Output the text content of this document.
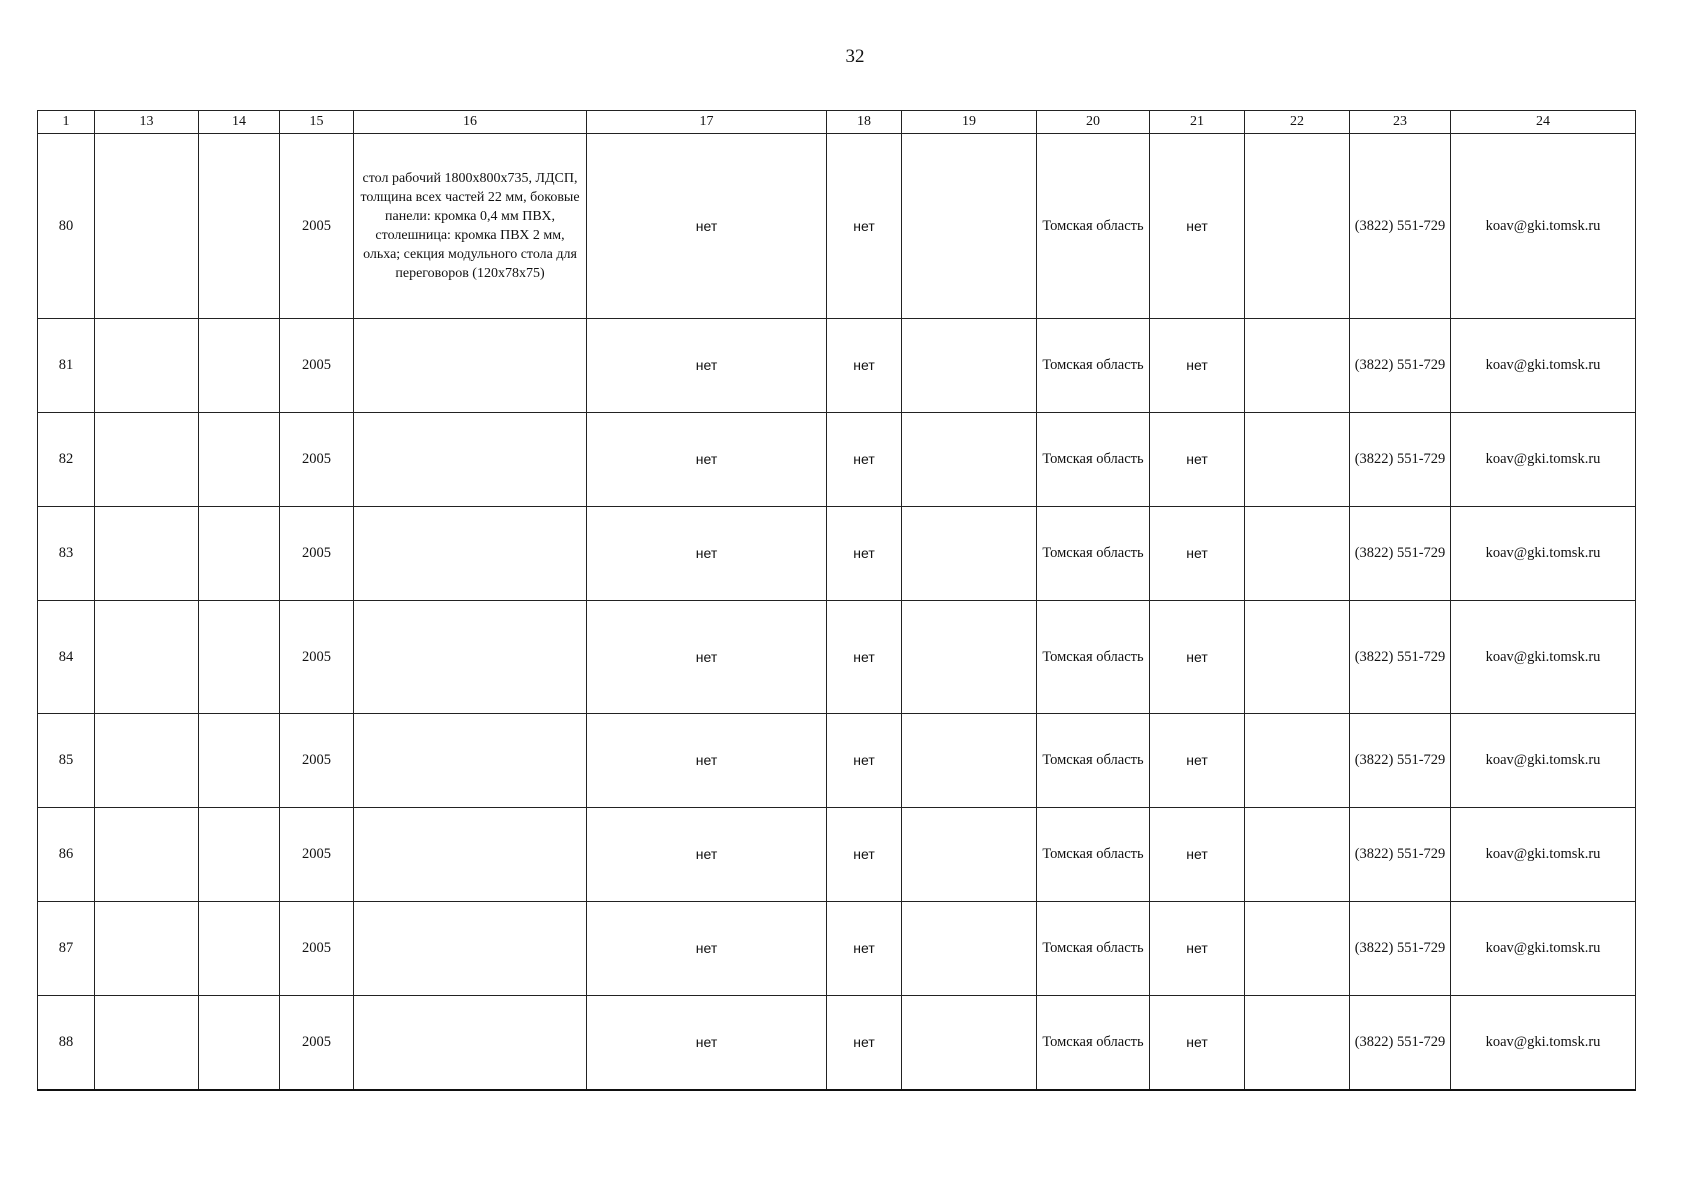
32
1	13	14	15	16	17	18	19	20	21	22	23	24
80			2005	стол рабочий 1800x800x735, ЛДСП, толщина всех частей 22 мм, боковые панели: кромка 0,4 мм ПВХ, столешница: кромка ПВХ 2 мм, ольха; секция модульного стола для переговоров (120x78x75)	нет	нет		Томская область	нет		(3822) 551-729	koav@gki.tomsk.ru
81			2005		нет	нет		Томская область	нет		(3822) 551-729	koav@gki.tomsk.ru
82			2005		нет	нет		Томская область	нет		(3822) 551-729	koav@gki.tomsk.ru
83			2005		нет	нет		Томская область	нет		(3822) 551-729	koav@gki.tomsk.ru
84			2005		нет	нет		Томская область	нет		(3822) 551-729	koav@gki.tomsk.ru
85			2005		нет	нет		Томская область	нет		(3822) 551-729	koav@gki.tomsk.ru
86			2005		нет	нет		Томская область	нет		(3822) 551-729	koav@gki.tomsk.ru
87			2005		нет	нет		Томская область	нет		(3822) 551-729	koav@gki.tomsk.ru
88			2005		нет	нет		Томская область	нет		(3822) 551-729	koav@gki.tomsk.ru
